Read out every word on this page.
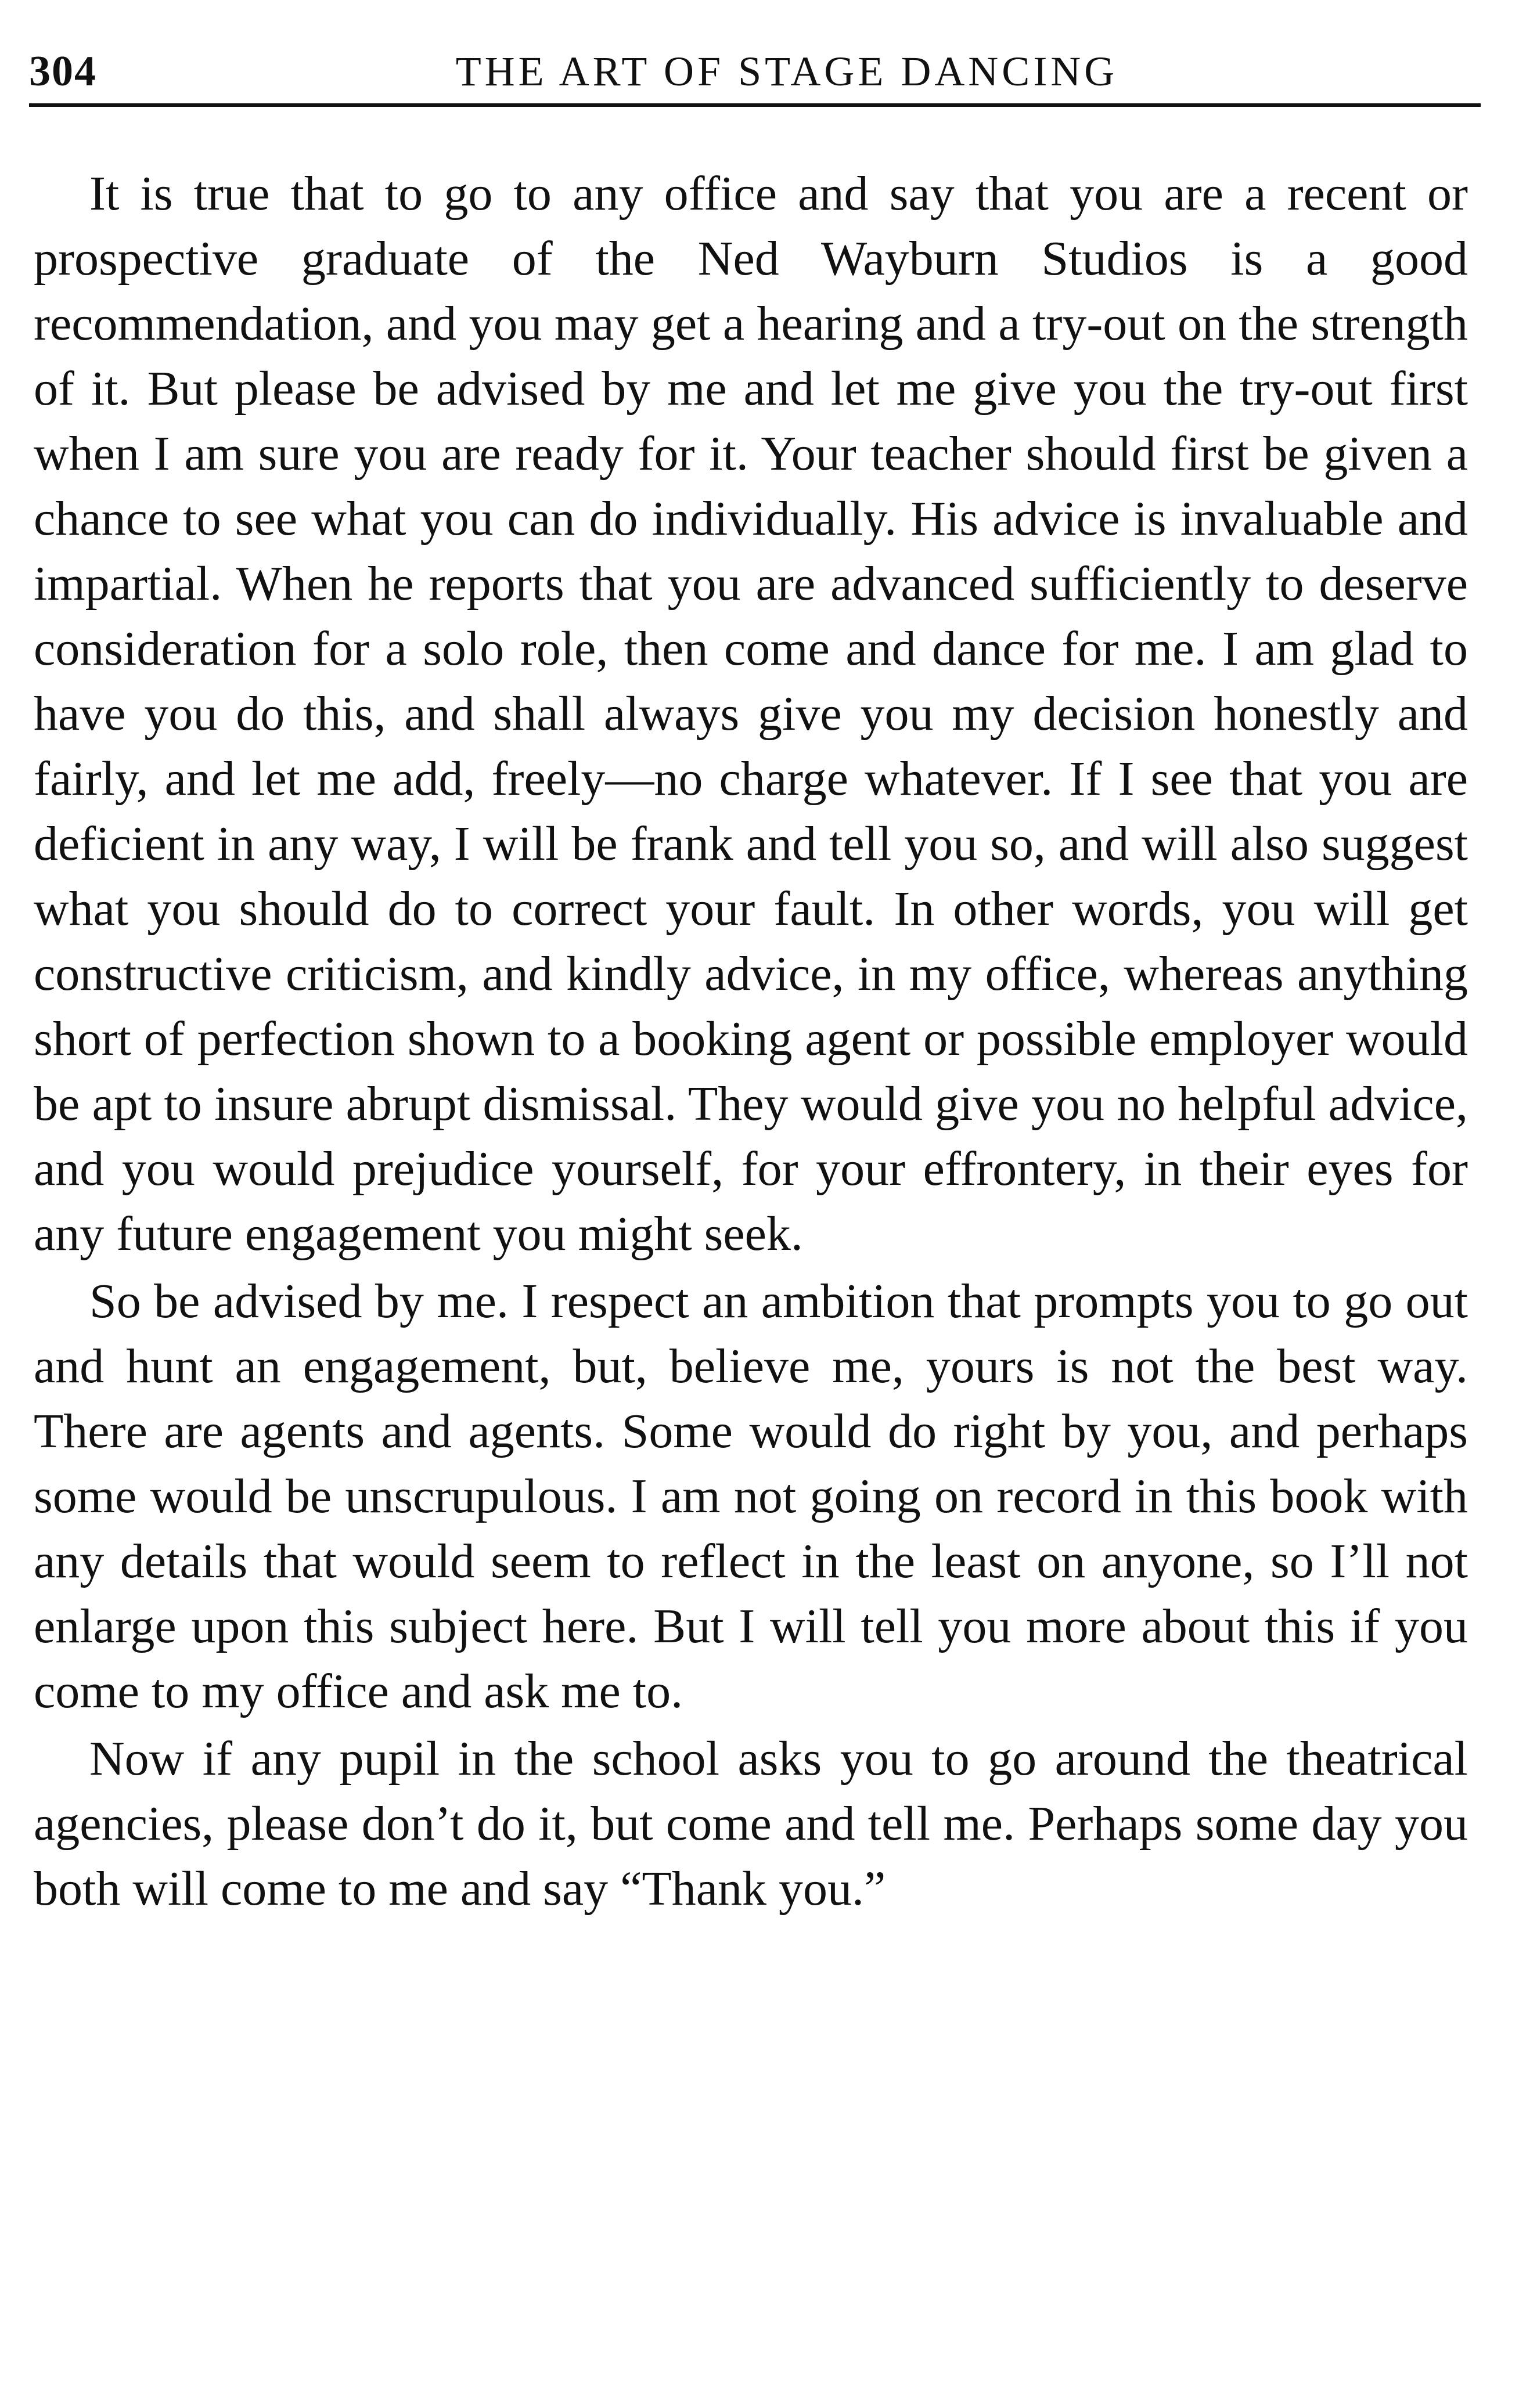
304	THE ART OF STAGE DANCING

It is true that to go to any office and say that you are a recent or prospective graduate of the Ned Wayburn Studios is a good recommendation, and you may get a hearing and a try-out on the strength of it. But please be advised by me and let me give you the try-out first when I am sure you are ready for it. Your teacher should first be given a chance to see what you can do individually. His advice is invaluable and impartial. When he reports that you are advanced sufficiently to deserve consideration for a solo role, then come and dance for me. I am glad to have you do this, and shall always give you my decision honestly and fairly, and let me add, freely—no charge whatever. If I see that you are deficient in any way, I will be frank and tell you so, and will also suggest what you should do to correct your fault. In other words, you will get constructive criticism, and kindly advice, in my office, whereas anything short of perfection shown to a booking agent or possible employer would be apt to insure abrupt dismissal. They would give you no helpful advice, and you would prejudice yourself, for your effrontery, in their eyes for any future engagement you might seek.

So be advised by me. I respect an ambition that prompts you to go out and hunt an engagement, but, believe me, yours is not the best way. There are agents and agents. Some would do right by you, and perhaps some would be unscrupulous. I am not going on record in this book with any details that would seem to reflect in the least on anyone, so I’ll not enlarge upon this subject here. But I will tell you more about this if you come to my office and ask me to.

Now if any pupil in the school asks you to go around the theatrical agencies, please don’t do it, but come and tell me. Perhaps some day you both will come to me and say “Thank you.”
